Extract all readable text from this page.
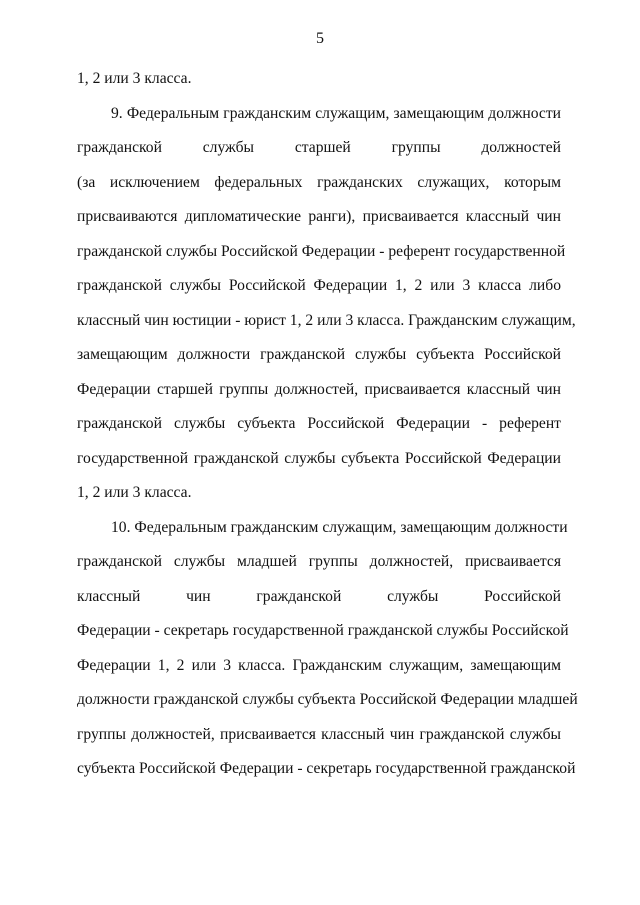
5
1, 2 или 3 класса.
9. Федеральным гражданским служащим, замещающим должности
гражданской службы старшей группы должностей
(за исключением федеральных гражданских служащих, которым
присваиваются дипломатические ранги), присваивается классный чин
гражданской службы Российской Федерации - референт государственной
гражданской службы Российской Федерации 1, 2 или 3 класса либо
классный чин юстиции - юрист 1, 2 или 3 класса. Гражданским служащим,
замещающим должности гражданской службы субъекта Российской
Федерации старшей группы должностей, присваивается классный чин
гражданской службы субъекта Российской Федерации - референт
государственной гражданской службы субъекта Российской Федерации
1, 2 или 3 класса.
10. Федеральным гражданским служащим, замещающим должности
гражданской службы младшей группы должностей, присваивается
классный чин гражданской службы Российской
Федерации - секретарь государственной гражданской службы Российской
Федерации 1, 2 или 3 класса. Гражданским служащим, замещающим
должности гражданской службы субъекта Российской Федерации младшей
группы должностей, присваивается классный чин гражданской службы
субъекта Российской Федерации - секретарь государственной гражданской
